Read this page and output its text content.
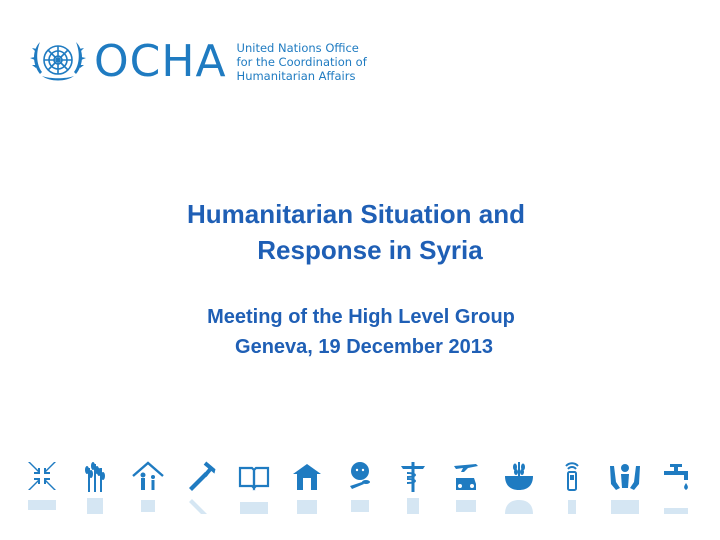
OCHA United Nations Office
for the Coordination of
Humanitarian Affairs
Humanitarian Situation and
Response in Syria
Meeting of the High Level Group
Geneva, 19 December 2013
